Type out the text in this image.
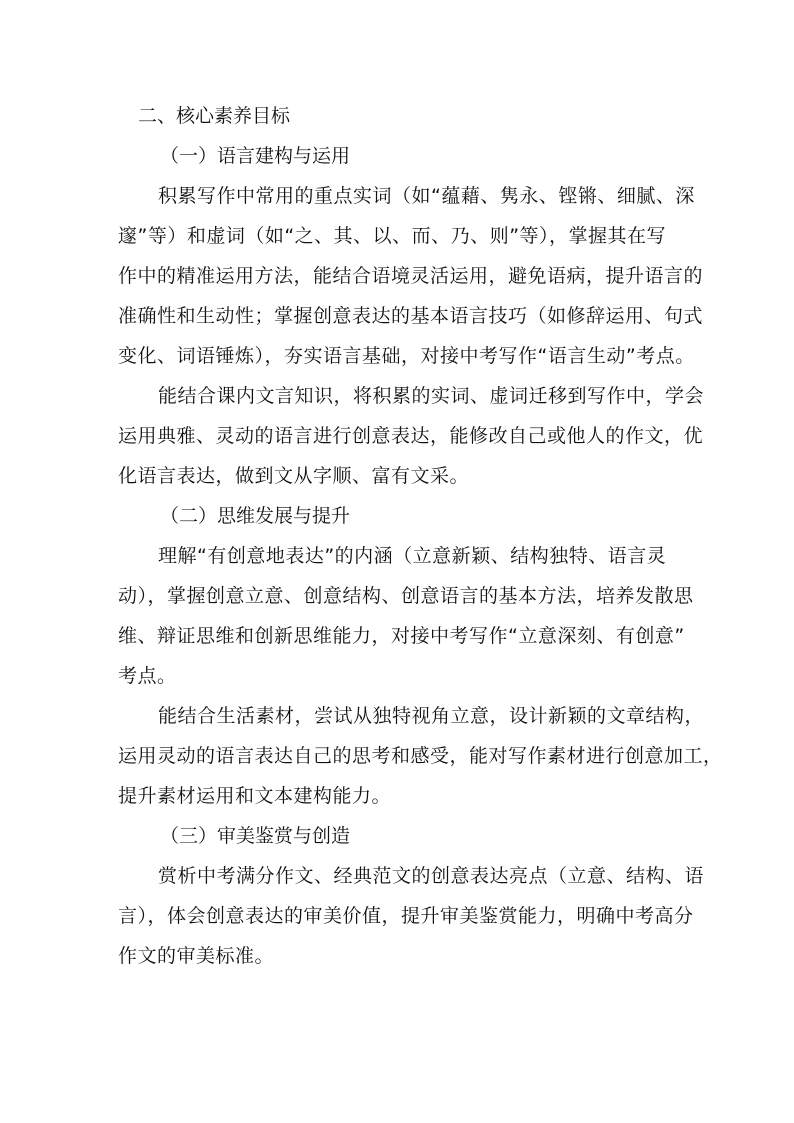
二、核心素养目标

（一）语言建构与运用

积累写作中常用的重点实词（如“蕴藉、隽永、铿锵、细腻、深
邃”等）和虚词（如“之、其、以、而、乃、则”等），掌握其在写
作中的精准运用方法，能结合语境灵活运用，避免语病，提升语言的
准确性和生动性；掌握创意表达的基本语言技巧（如修辞运用、句式
变化、词语锤炼），夯实语言基础，对接中考写作“语言生动”考点。

能结合课内文言知识，将积累的实词、虚词迁移到写作中，学会
运用典雅、灵动的语言进行创意表达，能修改自己或他人的作文，优
化语言表达，做到文从字顺、富有文采。

（二）思维发展与提升

理解“有创意地表达”的内涵（立意新颖、结构独特、语言灵
动），掌握创意立意、创意结构、创意语言的基本方法，培养发散思
维、辩证思维和创新思维能力，对接中考写作“立意深刻、有创意”
考点。

能结合生活素材，尝试从独特视角立意，设计新颖的文章结构，
运用灵动的语言表达自己的思考和感受，能对写作素材进行创意加工，
提升素材运用和文本建构能力。

（三）审美鉴赏与创造

赏析中考满分作文、经典范文的创意表达亮点（立意、结构、语
言），体会创意表达的审美价值，提升审美鉴赏能力，明确中考高分
作文的审美标准。
